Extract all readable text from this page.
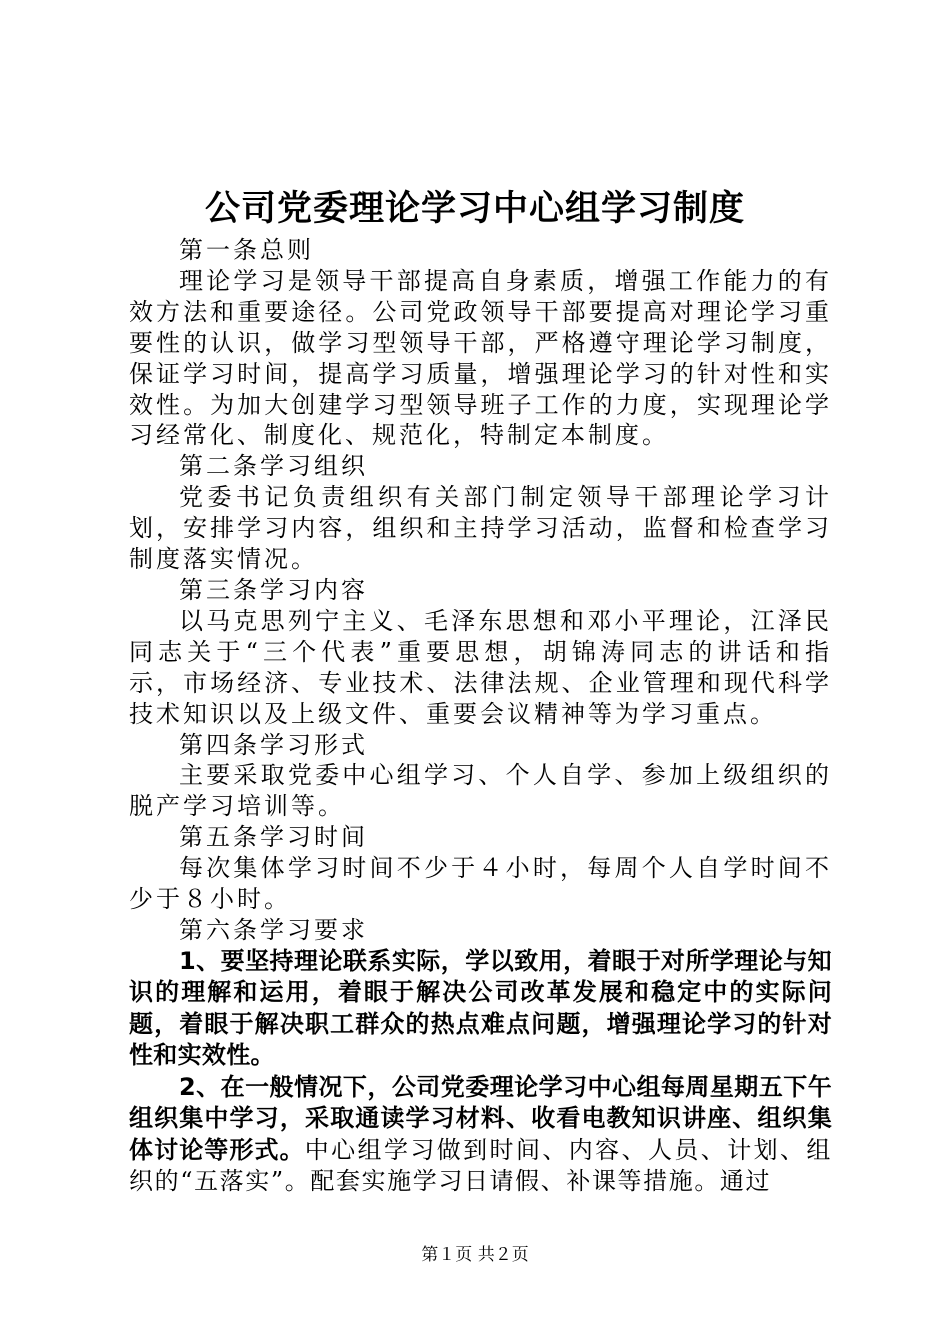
公司党委理论学习中心组学习制度

第一条总则

理论学习是领导干部提高自身素质，增强工作能力的有效方法和重要途径。公司党政领导干部要提高对理论学习重要性的认识，做学习型领导干部，严格遵守理论学习制度，保证学习时间，提高学习质量，增强理论学习的针对性和实效性。为加大创建学习型领导班子工作的力度，实现理论学习经常化、制度化、规范化，特制定本制度。

第二条学习组织

党委书记负责组织有关部门制定领导干部理论学习计划，安排学习内容，组织和主持学习活动，监督和检查学习制度落实情况。

第三条学习内容

以马克思列宁主义、毛泽东思想和邓小平理论，江泽民同志关于“三个代表”重要思想，胡锦涛同志的讲话和指示，市场经济、专业技术、法律法规、企业管理和现代科学技术知识以及上级文件、重要会议精神等为学习重点。

第四条学习形式

主要采取党委中心组学习、个人自学、参加上级组织的脱产学习培训等。

第五条学习时间

每次集体学习时间不少于４小时，每周个人自学时间不少于８小时。

第六条学习要求

1、要坚持理论联系实际，学以致用，着眼于对所学理论与知识的理解和运用，着眼于解决公司改革发展和稳定中的实际问题，着眼于解决职工群众的热点难点问题，增强理论学习的针对性和实效性。

2、在一般情况下，公司党委理论学习中心组每周星期五下午组织集中学习，采取通读学习材料、收看电教知识讲座、组织集体讨论等形式。中心组学习做到时间、内容、人员、计划、组织的“五落实”。配套实施学习日请假、补课等措施。通过

第１页 共２页
